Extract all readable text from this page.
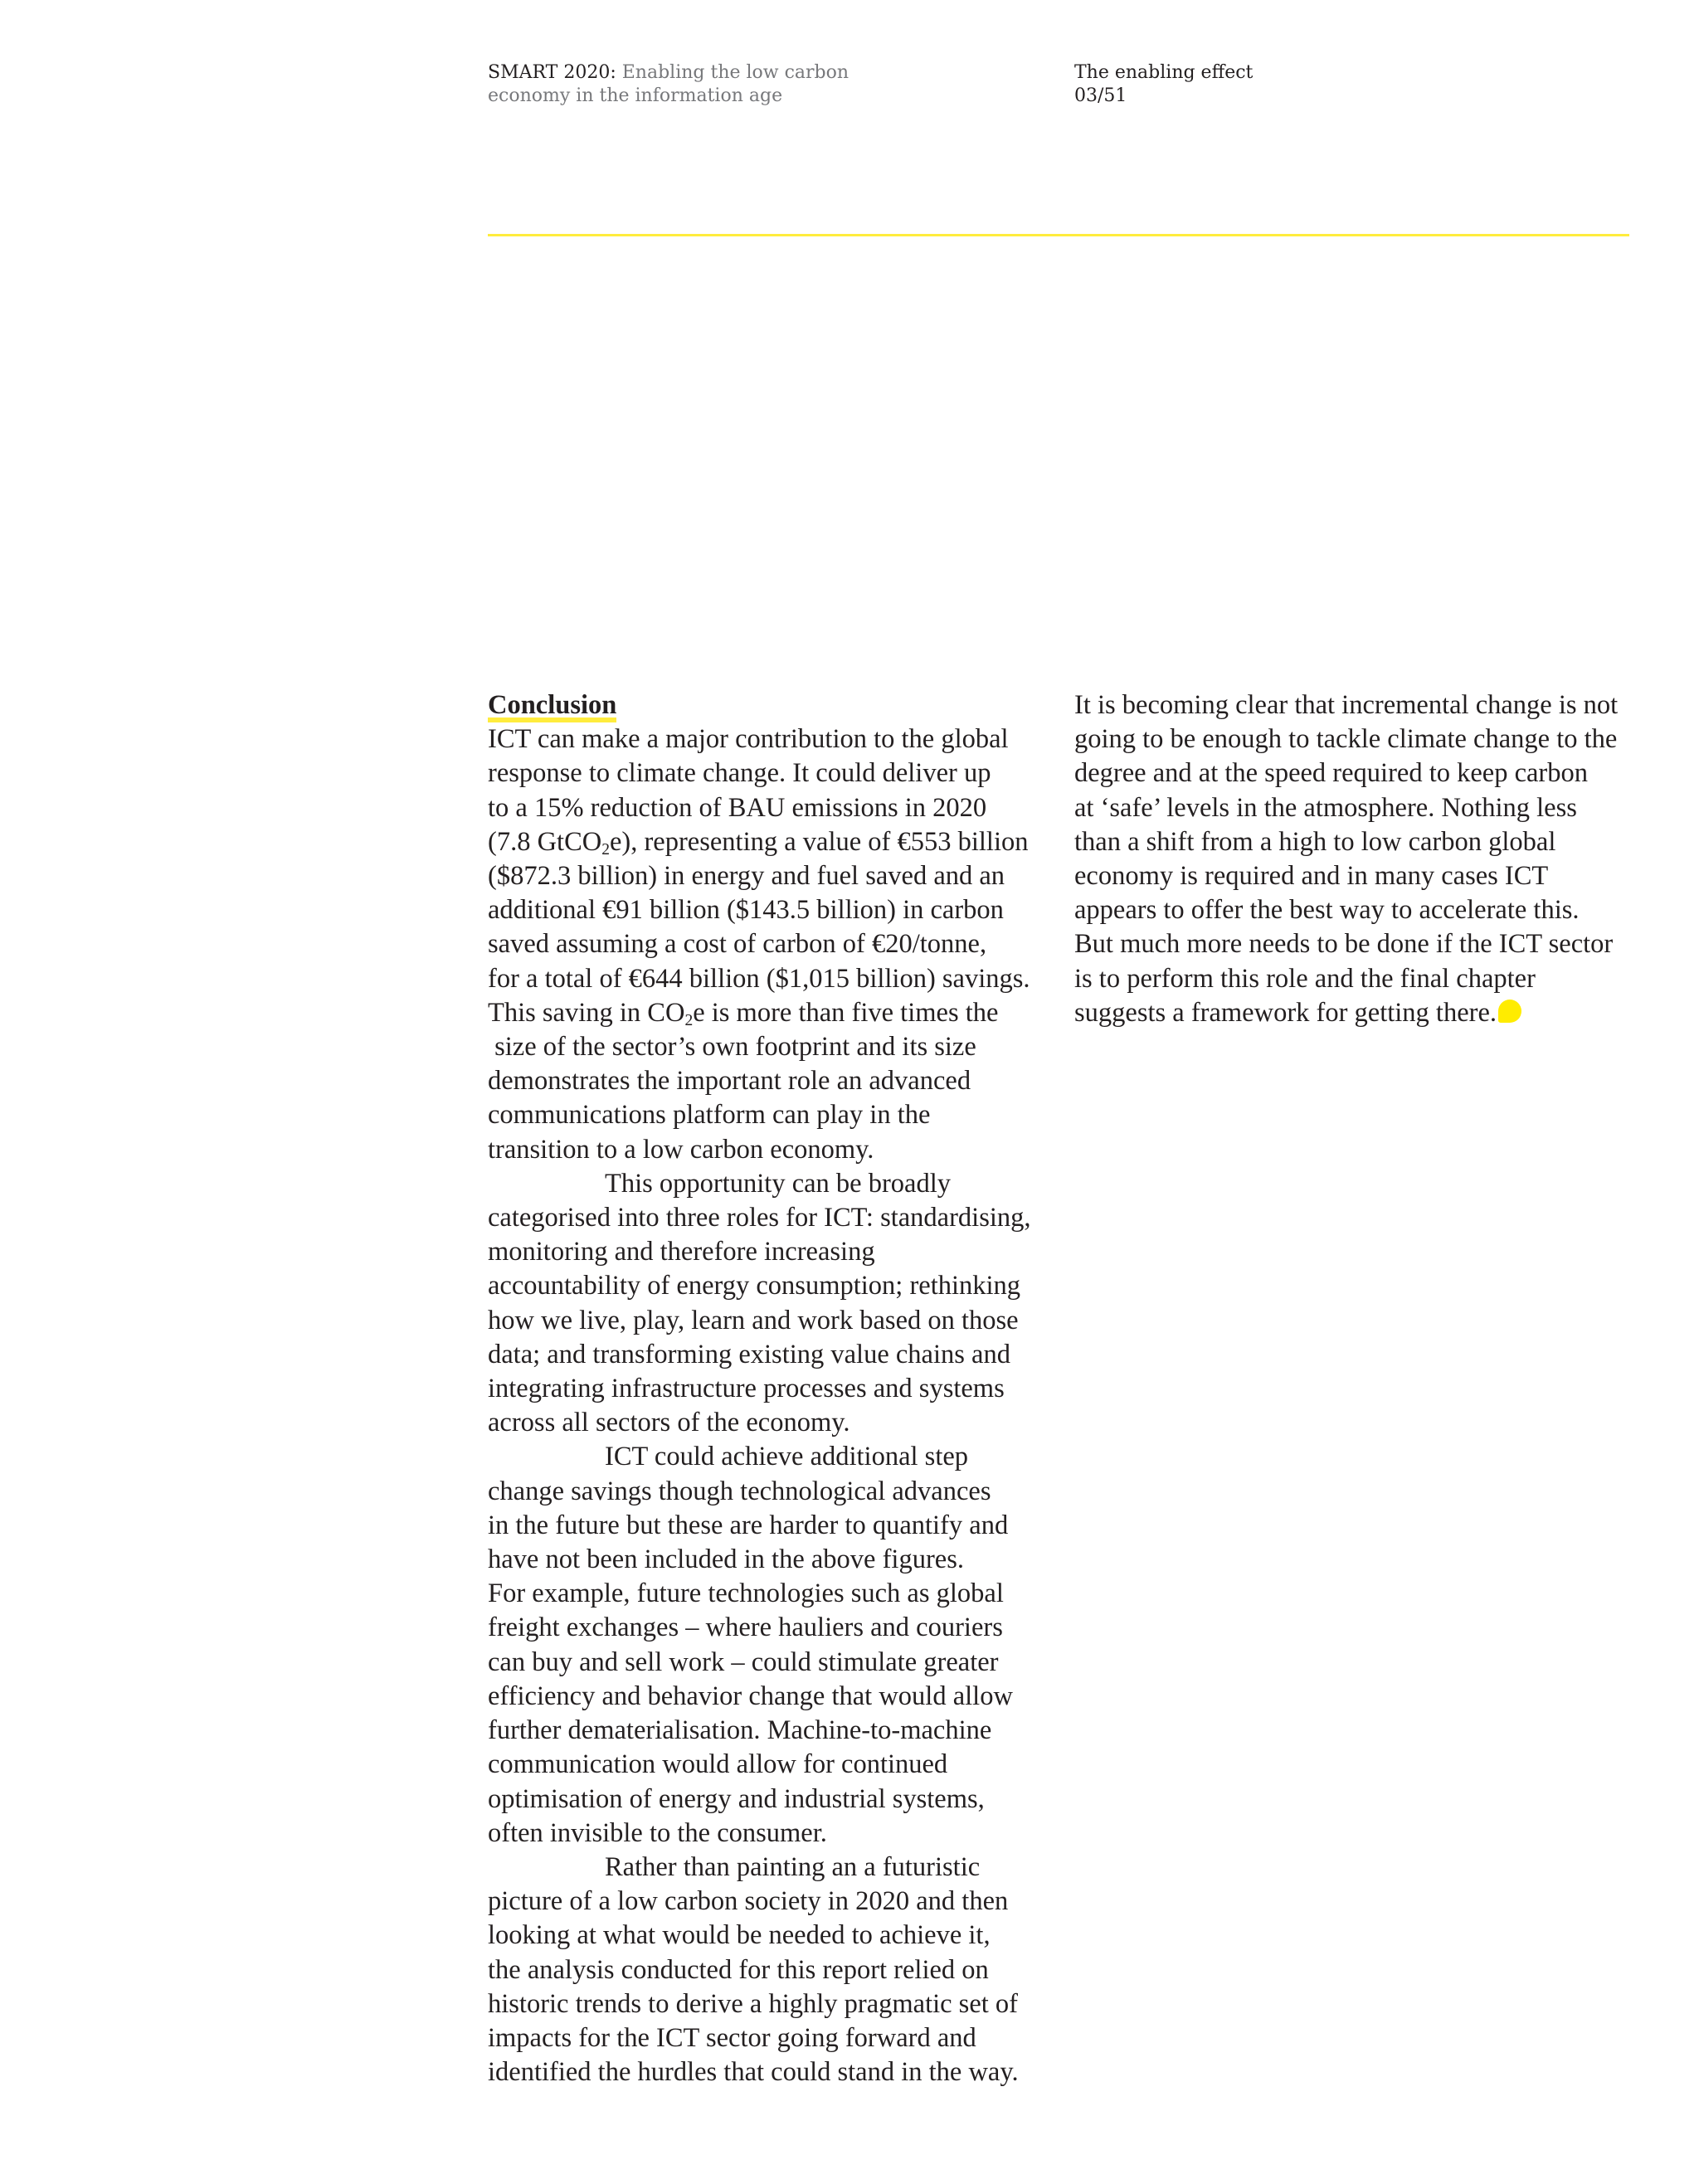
SMART 2020: Enabling the low carbon
economy in the information age
The enabling effect
03/51
Conclusion
ICT can make a major contribution to the global
response to climate change. It could deliver up
to a 15% reduction of BAU emissions in 2020
(7.8 GtCO$_2$e), representing a value of €553 billion
($872.3 billion) in energy and fuel saved and an
additional €91 billion ($143.5 billion) in carbon
saved assuming a cost of carbon of €20/tonne,
for a total of €644 billion ($1,015 billion) savings.
This saving in $CO_2e$ is more than five times the
size of the sector’s own footprint and its size
demonstrates the important role an advanced
communications platform can play in the
transition to a low carbon economy.
This opportunity can be broadly
categorised into three roles for ICT: standardising,
monitoring and therefore increasing
accountability of energy consumption; rethinking
how we live, play, learn and work based on those
data; and transforming existing value chains and
integrating infrastructure processes and systems
across all sectors of the economy.
ICT could achieve additional step
change savings though technological advances
in the future but these are harder to quantify and
have not been included in the above figures.
For example, future technologies such as global
freight exchanges – where hauliers and couriers
can buy and sell work – could stimulate greater
efficiency and behavior change that would allow
further dematerialisation. Machine-to-machine
communication would allow for continued
optimisation of energy and industrial systems,
often invisible to the consumer.
Rather than painting an a futuristic
picture of a low carbon society in 2020 and then
looking at what would be needed to achieve it,
the analysis conducted for this report relied on
historic trends to derive a highly pragmatic set of
impacts for the ICT sector going forward and
identified the hurdles that could stand in the way.
It is becoming clear that incremental change is not
going to be enough to tackle climate change to the
degree and at the speed required to keep carbon
at ‘safe’ levels in the atmosphere. Nothing less
than a shift from a high to low carbon global
economy is required and in many cases ICT
appears to offer the best way to accelerate this.
But much more needs to be done if the ICT sector
is to perform this role and the final chapter
suggests a framework for getting there.
